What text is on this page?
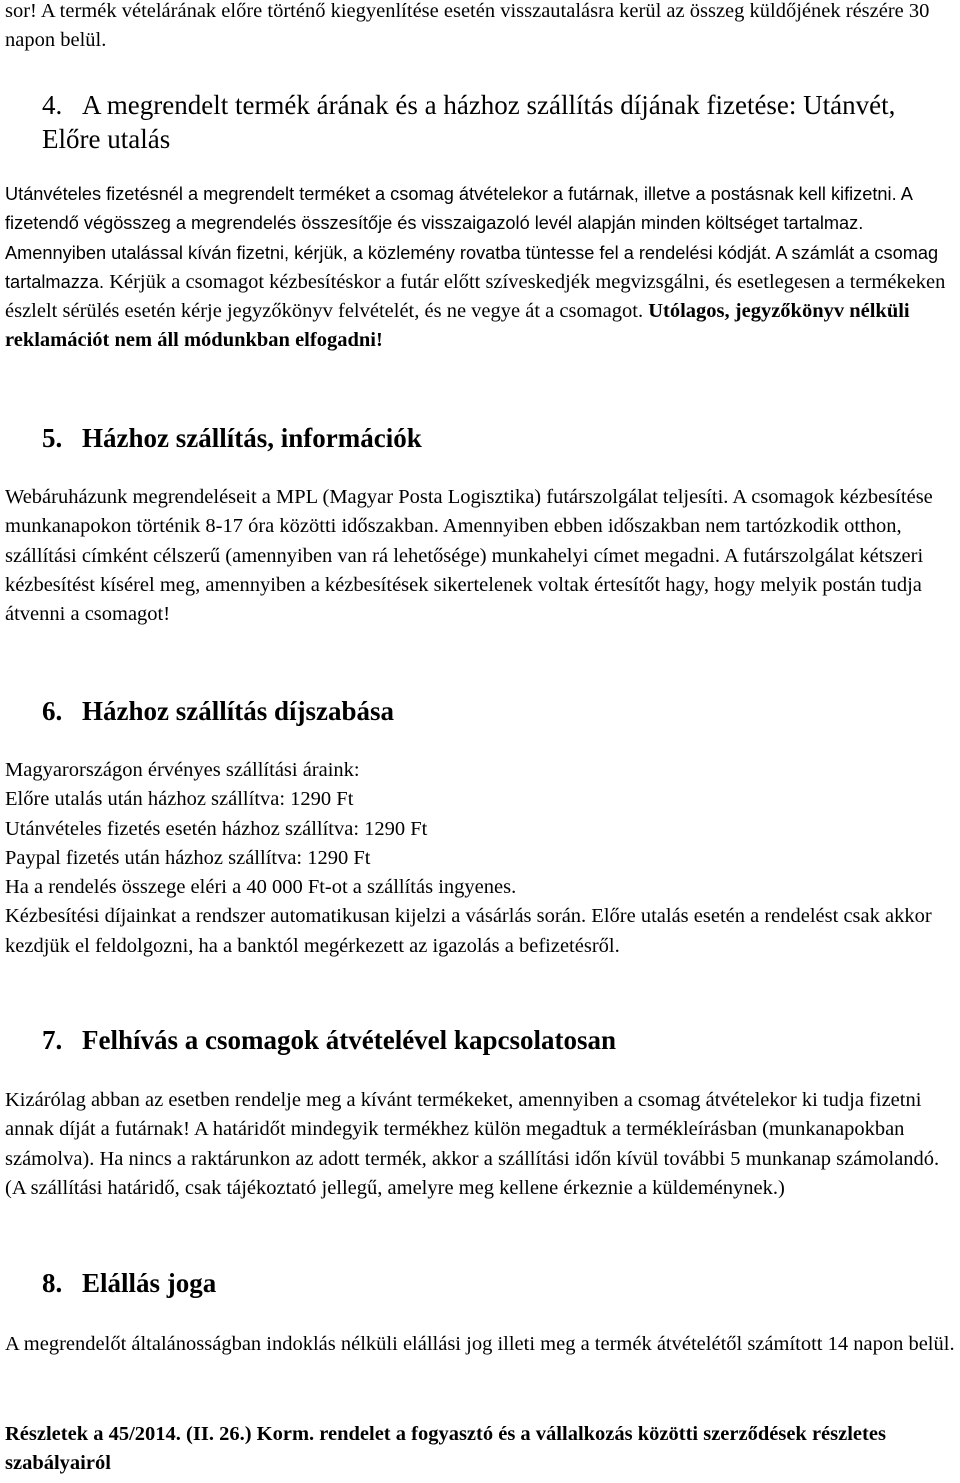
sor! A termék vételárának előre történő kiegyenlítése esetén visszautalásra kerül az összeg küldőjének részére 30 napon belül.

4. A megrendelt termék árának és a házhoz szállítás díjának fizetése: Utánvét, Előre utalás

Utánvételes fizetésnél a megrendelt terméket a csomag átvételekor a futárnak, illetve a postásnak kell kifizetni. A fizetendő végösszeg a megrendelés összesítője és visszaigazoló levél alapján minden költséget tartalmaz. Amennyiben utalással kíván fizetni, kérjük, a közlemény rovatba tüntesse fel a rendelési kódját. A számlát a csomag tartalmazza. Kérjük a csomagot kézbesítéskor a futár előtt szíveskedjék megvizsgálni, és esetlegesen a termékeken észlelt sérülés esetén kérje jegyzőkönyv felvételét, és ne vegye át a csomagot. Utólagos, jegyzőkönyv nélküli reklamációt nem áll módunkban elfogadni!

5. Házhoz szállítás, információk

Webáruházunk megrendeléseit a MPL (Magyar Posta Logisztika) futárszolgálat teljesíti. A csomagok kézbesítése munkanapokon történik 8-17 óra közötti időszakban. Amennyiben ebben időszakban nem tartózkodik otthon, szállítási címként célszerű (amennyiben van rá lehetősége) munkahelyi címet megadni. A futárszolgálat kétszeri kézbesítést kísérel meg, amennyiben a kézbesítések sikertelenek voltak értesítőt hagy, hogy melyik postán tudja átvenni a csomagot!

6. Házhoz szállítás díjszabása
Magyarországon érvényes szállítási áraink:
Előre utalás után házhoz szállítva: 1290 Ft
Utánvételes fizetés esetén házhoz szállítva: 1290 Ft
Paypal fizetés után házhoz szállítva: 1290 Ft
Ha a rendelés összege eléri a 40 000 Ft-ot a szállítás ingyenes.
Kézbesítési díjainkat a rendszer automatikusan kijelzi a vásárlás során. Előre utalás esetén a rendelést csak akkor kezdjük el feldolgozni, ha a banktól megérkezett az igazolás a befizetésről.
7. Felhívás a csomagok átvételével kapcsolatosan

Kizárólag abban az esetben rendelje meg a kívánt termékeket, amennyiben a csomag átvételekor ki tudja fizetni annak díját a futárnak! A határidőt mindegyik termékhez külön megadtuk a termékleírásban (munkanapokban számolva). Ha nincs a raktárunkon az adott termék, akkor a szállítási időn kívül további 5 munkanap számolandó. (A szállítási határidő, csak tájékoztató jellegű, amelyre meg kellene érkeznie a küldeménynek.)

8. Elállás joga

A megrendelőt általánosságban indoklás nélküli elállási jog illeti meg a termék átvételétől számított 14 napon belül.

Részletek a 45/2014. (II. 26.) Korm. rendelet a fogyasztó és a vállalkozás közötti szerződések részletes szabályairól
